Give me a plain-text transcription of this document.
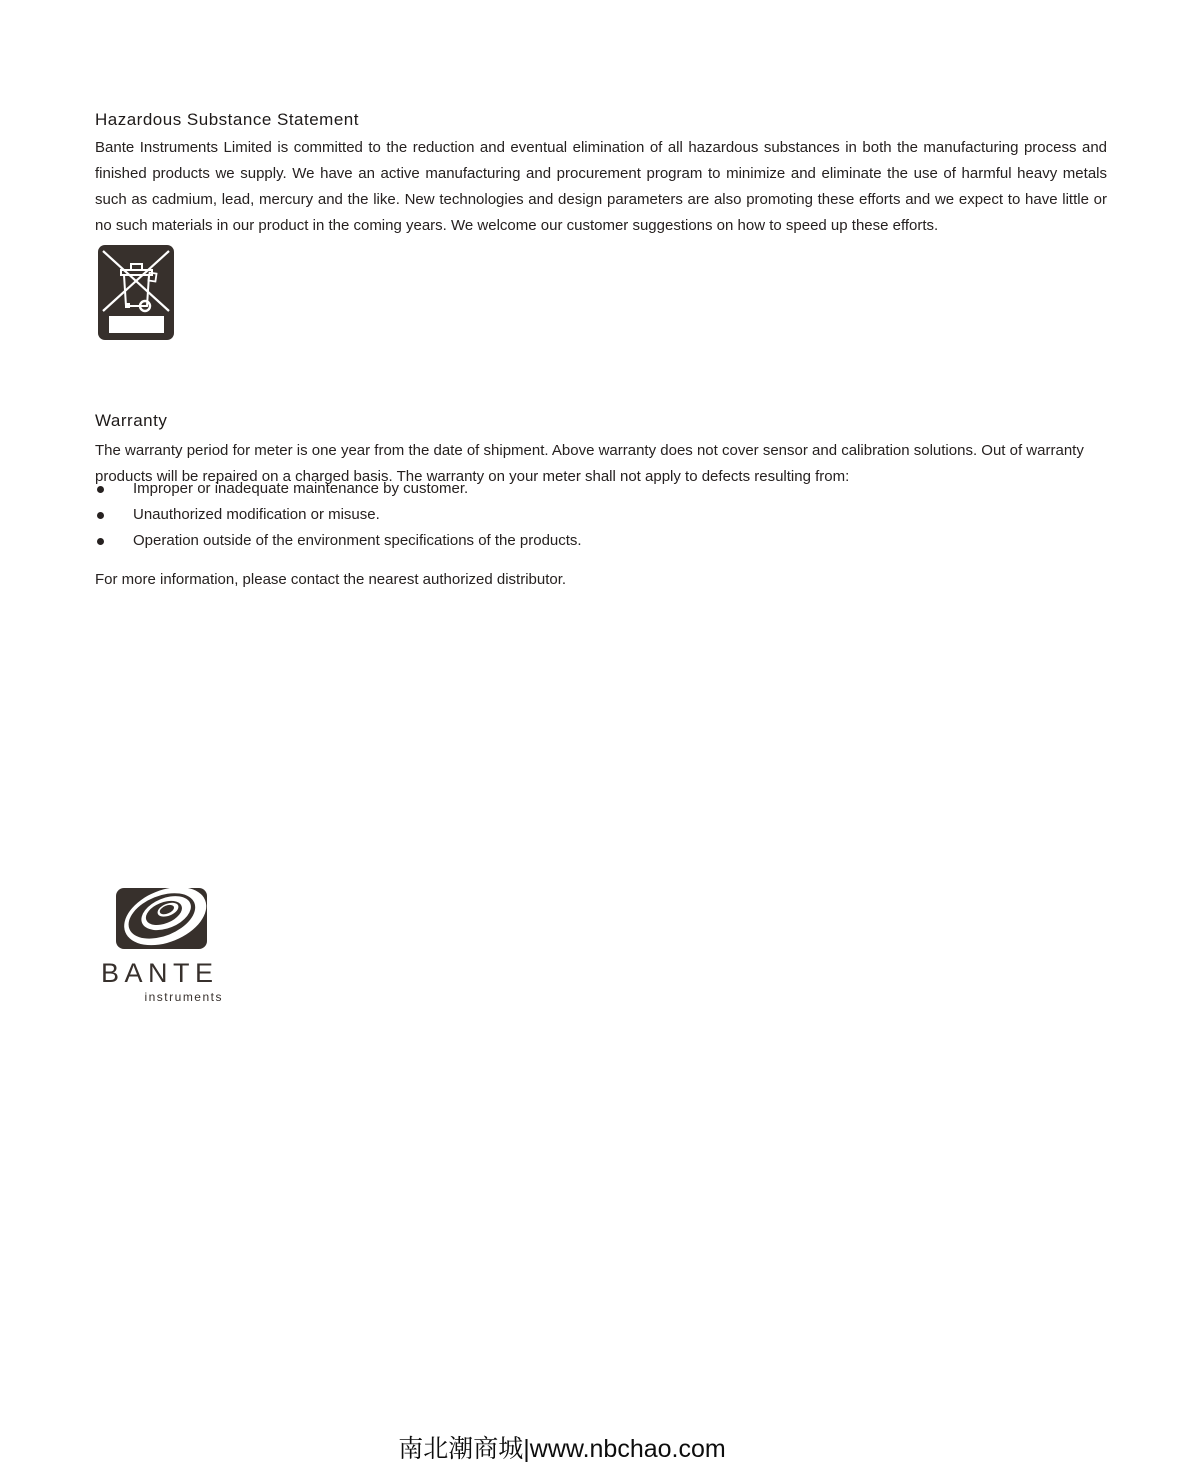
Hazardous Substance Statement

Bante Instruments Limited is committed to the reduction and eventual elimination of all hazardous substances in both the manufacturing process and finished products we supply. We have an active manufacturing and procurement program to minimize and eliminate the use of harmful heavy metals such as cadmium, lead, mercury and the like. New technologies and design parameters are also promoting these efforts and we expect to have little or no such materials in our product in the coming years. We welcome our customer suggestions on how to speed up these efforts.

Warranty

The warranty period for meter is one year from the date of shipment. Above warranty does not cover sensor and calibration solutions. Out of warranty products will be repaired on a charged basis. The warranty on your meter shall not apply to defects resulting from:

Improper or inadequate maintenance by customer.
Unauthorized modification or misuse.
Operation outside of the environment specifications of the products.

For more information, please contact the nearest authorized distributor.

BANTE
instruments
南北潮商城|www.nbchao.com
